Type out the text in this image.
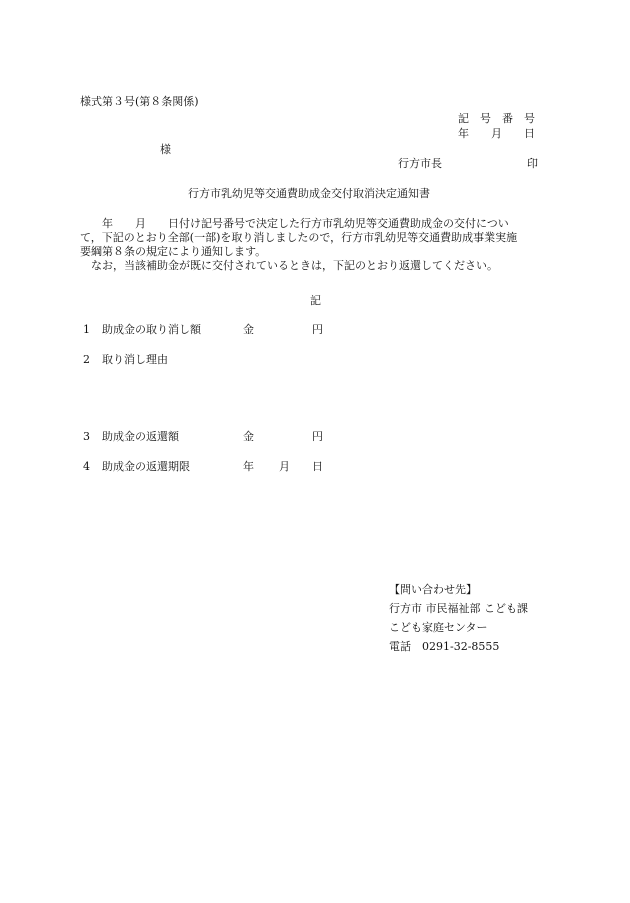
様式第３号(第８条関係)
記　号　番　号
年　　月　　日
様
行方市長	印
行方市乳幼児等交通費助成金交付取消決定通知書
　　年　　月　　日付け記号番号で決定した行方市乳幼児等交通費助成金の交付につい
て，下記のとおり全部(一部)を取り消しましたので，行方市乳幼児等交通費助成事業実施
要綱第８条の規定により通知します。
　なお，当該補助金が既に交付されているときは，下記のとおり返還してください。
記
1 助成金の取り消し額	金	円
2 取り消し理由
3 助成金の返還額	金	円
4 助成金の返還期限	年 月 日
【問い合わせ先】
行方市 市民福祉部 こども課
こども家庭センター
電話　0291-32-8555
